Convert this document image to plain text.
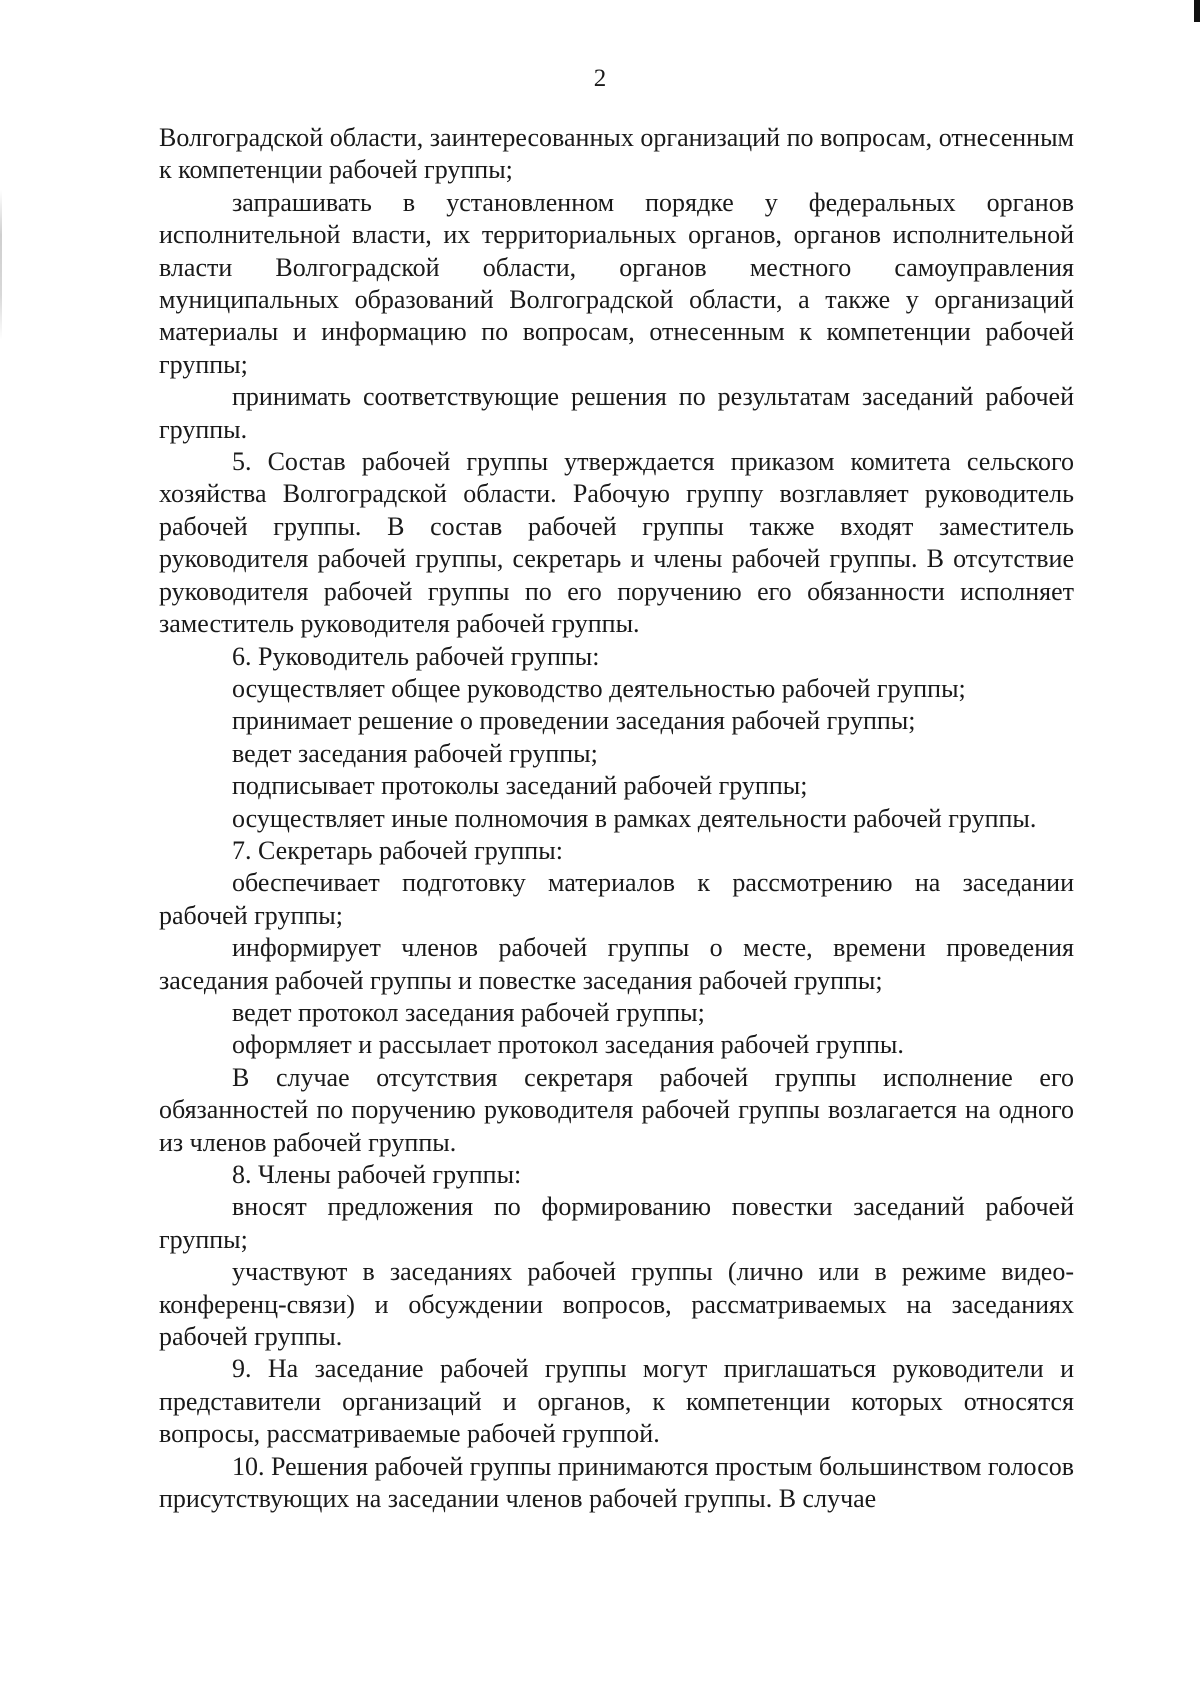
2

Волгоградской области, заинтересованных организаций по вопросам, отнесенным к компетенции рабочей группы;

запрашивать в установленном порядке у федеральных органов исполнительной власти, их территориальных органов, органов исполнительной власти Волгоградской области, органов местного самоуправления муниципальных образований Волгоградской области, а также у организаций материалы и информацию по вопросам, отнесенным к компетенции рабочей группы;

принимать соответствующие решения по результатам заседаний рабочей группы.

5. Состав рабочей группы утверждается приказом комитета сельского хозяйства Волгоградской области. Рабочую группу возглавляет руководитель рабочей группы. В состав рабочей группы также входят заместитель руководителя рабочей группы, секретарь и члены рабочей группы. В отсутствие руководителя рабочей группы по его поручению его обязанности исполняет заместитель руководителя рабочей группы.

6. Руководитель рабочей группы:

осуществляет общее руководство деятельностью рабочей группы;

принимает решение о проведении заседания рабочей группы;

ведет заседания рабочей группы;

подписывает протоколы заседаний рабочей группы;

осуществляет иные полномочия в рамках деятельности рабочей группы.

7. Секретарь рабочей группы:

обеспечивает подготовку материалов к рассмотрению на заседании рабочей группы;

информирует членов рабочей группы о месте, времени проведения заседания рабочей группы и повестке заседания рабочей группы;

ведет протокол заседания рабочей группы;

оформляет и рассылает протокол заседания рабочей группы.

В случае отсутствия секретаря рабочей группы исполнение его обязанностей по поручению руководителя рабочей группы возлагается на одного из членов рабочей группы.

8. Члены рабочей группы:

вносят предложения по формированию повестки заседаний рабочей группы;

участвуют в заседаниях рабочей группы (лично или в режиме видео-конференц-связи) и обсуждении вопросов, рассматриваемых на заседаниях рабочей группы.

9. На заседание рабочей группы могут приглашаться руководители и представители организаций и органов, к компетенции которых относятся вопросы, рассматриваемые рабочей группой.

10. Решения рабочей группы принимаются простым большинством голосов присутствующих на заседании членов рабочей группы. В случае
